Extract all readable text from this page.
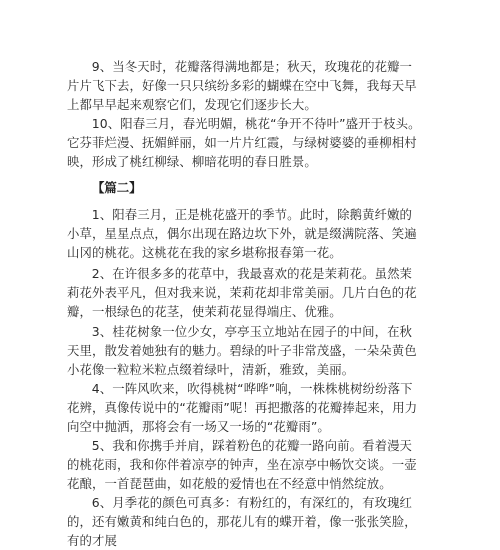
9、当冬天时，花瓣落得满地都是；秋天，玫瑰花的花瓣一片片飞下去，好像一只只缤纷多彩的蝴蝶在空中飞舞，我每天早上都早早起来观察它们，发现它们逐步长大。

10、阳春三月，春光明媚，桃花“争开不待叶”盛开于枝头。它芬菲烂漫、抚媚鲜丽，如一片片红霞，与绿树婆婆的垂柳相村映，形成了桃红柳绿、柳暗花明的春日胜景。

【篇二】

1、阳春三月，正是桃花盛开的季节。此时，除鹅黄纤嫩的小草，星星点点，偶尔出现在路边坎下外，就是缀满院落、笑遍山冈的桃花。这桃花在我的家乡堪称报春第一花。

2、在许很多多的花草中，我最喜欢的花是茉莉花。虽然茉莉花外表平凡，但对我来说，茉莉花却非常美丽。几片白色的花瓣，一根绿色的花茎，使茉莉花显得端庄、优雅。

3、桂花树象一位少女，亭亭玉立地站在园子的中间，在秋天里，散发着她独有的魅力。碧绿的叶子非常茂盛，一朵朵黄色小花像一粒粒米粒点缀着绿叶，清新，雅致，美丽。

4、一阵风吹来，吹得桃树“哗哗”响，一株株桃树纷纷落下花辨，真像传说中的“花瓣雨”呢！再把撒落的花瓣捧起来，用力向空中抛洒，那将会有一场又一场的“花瓣雨”。

5、我和你携手并肩，踩着粉色的花瓣一路向前。看着漫天的桃花雨，我和你伴着凉亭的钟声，坐在凉亭中畅饮交谈。一壶花酿，一首琵琶曲，如花般的爱情也在不经意中悄然绽放。

6、月季花的颜色可真多：有粉红的，有深红的，有玫瑰红的，还有嫩黄和纯白色的，那花儿有的蝶开着，像一张张笑脸，有的才展
